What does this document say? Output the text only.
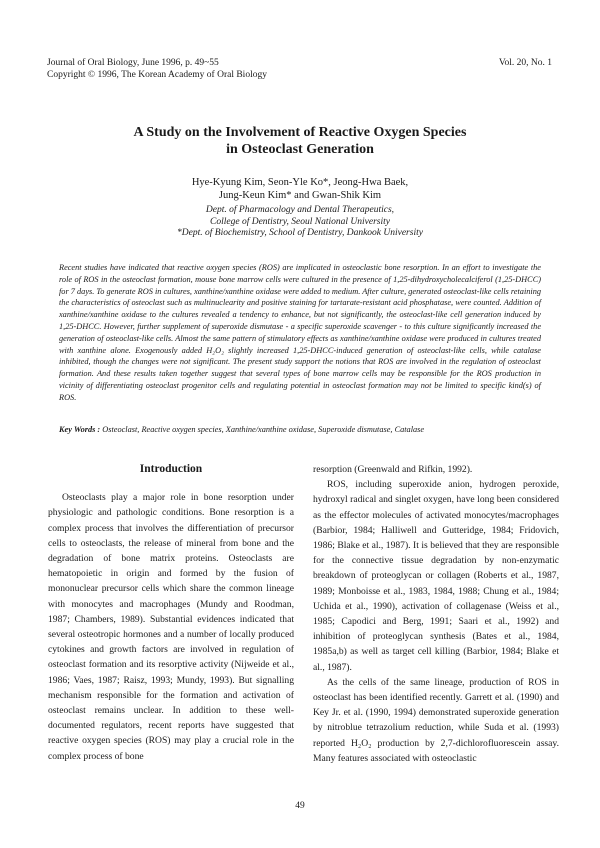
Journal of Oral Biology, June 1996, p. 49~55
Copyright © 1996, The Korean Academy of Oral Biology
Vol. 20, No. 1
A Study on the Involvement of Reactive Oxygen Species
in Osteoclast Generation
Hye-Kyung Kim, Seon-Yle Ko*, Jeong-Hwa Baek,
Jung-Keun Kim* and Gwan-Shik Kim
Dept. of Pharmacology and Dental Therapeutics,
College of Dentistry, Seoul National University
*Dept. of Biochemistry, School of Dentistry, Dankook University
Recent studies have indicated that reactive oxygen species (ROS) are implicated in osteoclastic bone resorption. In an effort to investigate the role of ROS in the osteoclast formation, mouse bone marrow cells were cultured in the presence of 1,25-dihydroxycholecalciferol (1,25-DHCC) for 7 days. To generate ROS in cultures, xanthine/xanthine oxidase were added to medium. After culture, generated osteoclast-like cells retaining the characteristics of osteoclast such as multinuclearity and positive staining for tartarate-resistant acid phosphatase, were counted. Addition of xanthine/xanthine oxidase to the cultures revealed a tendency to enhance, but not significantly, the osteoclast-like cell generation induced by 1,25-DHCC. However, further supplement of superoxide dismutase - a specific superoxide scavenger - to this culture significantly increased the generation of osteoclast-like cells. Almost the same pattern of stimulatory effects as xanthine/xanthine oxidase were produced in cultures treated with xanthine alone. Exogenously added H₂O₂ slightly increased 1,25-DHCC-induced generation of osteoclast-like cells, while catalase inhibited, though the changes were not significant. The present study support the notions that ROS are involved in the regulation of osteoclast formation. And these results taken together suggest that several types of bone marrow cells may be responsible for the ROS production in vicinity of differentiating osteoclast progenitor cells and regulating potential in osteoclast formation may not be limited to specific kind(s) of ROS.
Key Words : Osteoclast, Reactive oxygen species, Xanthine/xanthine oxidase, Superoxide dismutase, Catalase
Introduction

Osteoclasts play a major role in bone resorption under physiologic and pathologic conditions. Bone resorption is a complex process that involves the differentiation of precursor cells to osteoclasts, the release of mineral from bone and the degradation of bone matrix proteins. Osteoclasts are hematopoietic in origin and formed by the fusion of mononuclear precursor cells which share the common lineage with monocytes and macrophages (Mundy and Roodman, 1987; Chambers, 1989). Substantial evidences indicated that several osteotropic hormones and a number of locally produced cytokines and growth factors are involved in regulation of osteoclast formation and its resorptive activity (Nijweide et al., 1986; Vaes, 1987; Raisz, 1993; Mundy, 1993). But signalling mechanism responsible for the formation and activation of osteoclast remains unclear. In addition to these well-documented regulators, recent reports have suggested that reactive oxygen species (ROS) may play a crucial role in the complex process of bone

resorption (Greenwald and Rifkin, 1992).

ROS, including superoxide anion, hydrogen peroxide, hydroxyl radical and singlet oxygen, have long been considered as the effector molecules of activated monocytes/macrophages (Barbior, 1984; Halliwell and Gutteridge, 1984; Fridovich, 1986; Blake et al., 1987). It is believed that they are responsible for the connective tissue degradation by non-enzymatic breakdown of proteoglycan or collagen (Roberts et al., 1987, 1989; Monboisse et al., 1983, 1984, 1988; Chung et al., 1984; Uchida et al., 1990), activation of collagenase (Weiss et al., 1985; Capodici and Berg, 1991; Saari et al., 1992) and inhibition of proteoglycan synthesis (Bates et al., 1984, 1985a,b) as well as target cell killing (Barbior, 1984; Blake et al., 1987).

As the cells of the same lineage, production of ROS in osteoclast has been identified recently. Garrett et al. (1990) and Key Jr. et al. (1990, 1994) demonstrated superoxide generation by nitroblue tetrazolium reduction, while Suda et al. (1993) reported H₂O₂ production by 2,7-dichlorofluorescein assay. Many features associated with osteoclastic

49
